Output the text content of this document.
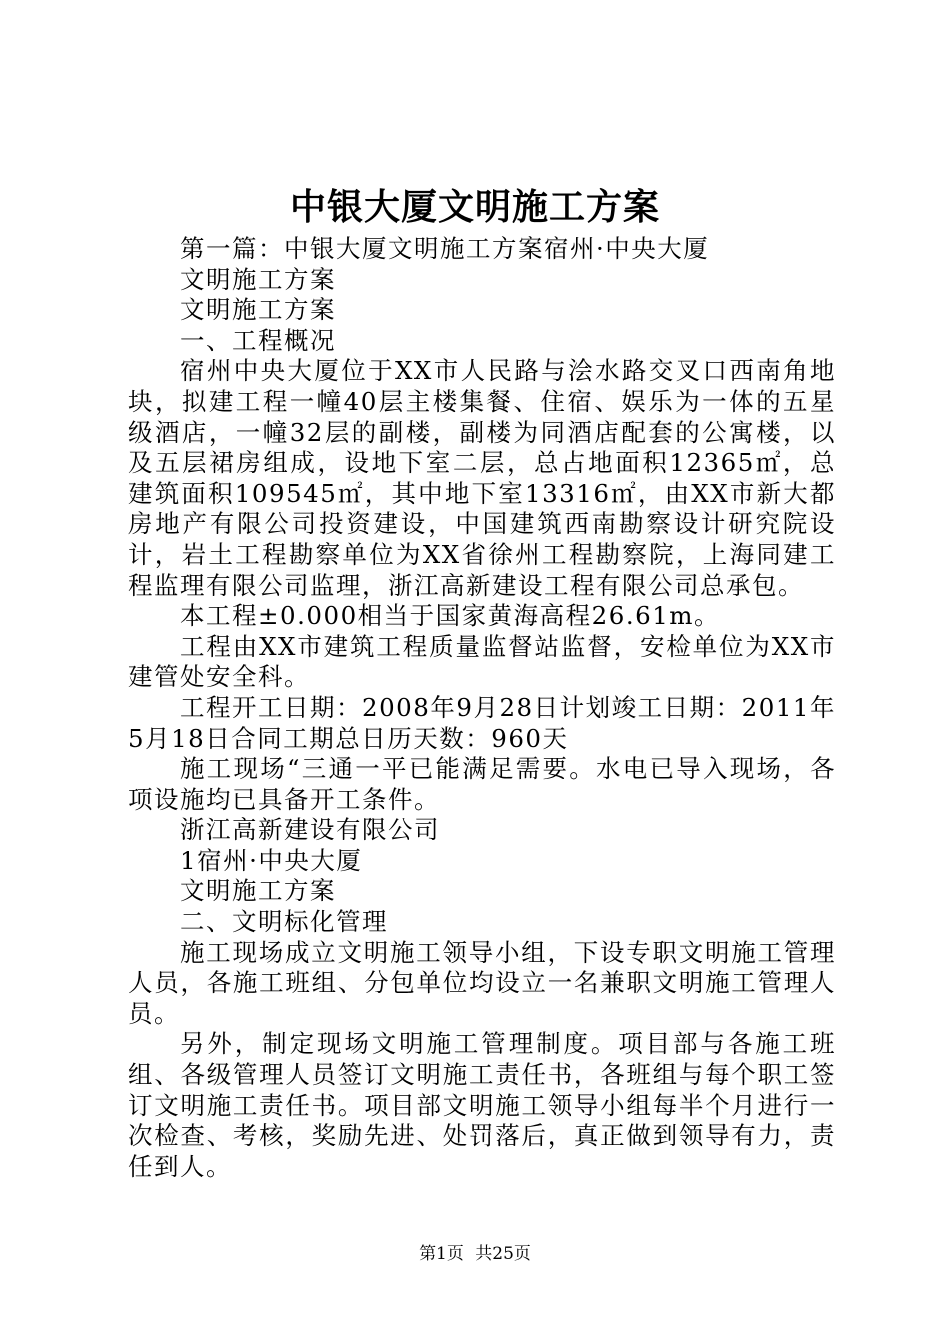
中银大厦文明施工方案

第一篇：中银大厦文明施工方案宿州·中央大厦

文明施工方案

文明施工方案

一、工程概况

宿州中央大厦位于XX市人民路与浍水路交叉口西南角地块，拟建工程一幢40层主楼集餐、住宿、娱乐为一体的五星级酒店，一幢32层的副楼，副楼为同酒店配套的公寓楼，以及五层裙房组成，设地下室二层，总占地面积12365㎡，总建筑面积109545㎡，其中地下室13316㎡，由XX市新大都房地产有限公司投资建设，中国建筑西南勘察设计研究院设计，岩土工程勘察单位为XX省徐州工程勘察院，上海同建工程监理有限公司监理，浙江高新建设工程有限公司总承包。

本工程±0.000相当于国家黄海高程26.61m。

工程由XX市建筑工程质量监督站监督，安检单位为XX市建管处安全科。

工程开工日期：2008年9月28日计划竣工日期：2011年5月18日合同工期总日历天数：960天

施工现场“三通一平已能满足需要。水电已导入现场，各项设施均已具备开工条件。

浙江高新建设有限公司

1宿州·中央大厦

文明施工方案

二、文明标化管理

施工现场成立文明施工领导小组，下设专职文明施工管理人员，各施工班组、分包单位均设立一名兼职文明施工管理人员。

另外，制定现场文明施工管理制度。项目部与各施工班组、各级管理人员签订文明施工责任书，各班组与每个职工签订文明施工责任书。项目部文明施工领导小组每半个月进行一次检查、考核，奖励先进、处罚落后，真正做到领导有力，责任到人。

第1页 共25页
